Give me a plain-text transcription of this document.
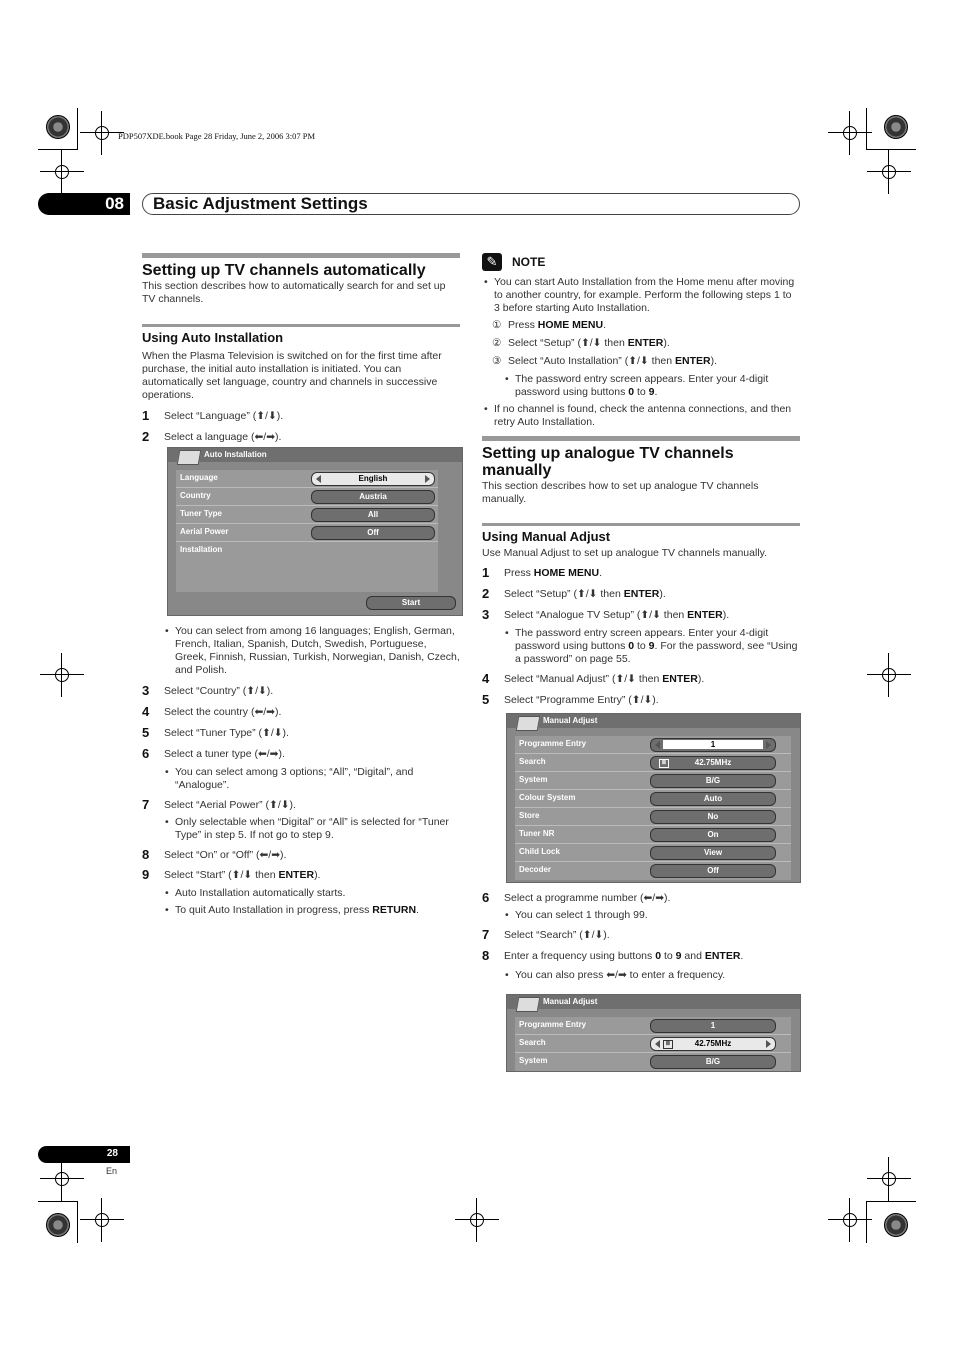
PDP507XDE.book Page 28 Friday, June 2, 2006 3:07 PM
08	Basic Adjustment Settings
Setting up TV channels automatically

This section describes how to automatically search for and set up TV channels.

Using Auto Installation

When the Plasma Television is switched on for the first time after purchase, the initial auto installation is initiated. You can automatically set language, country and channels in successive operations.

1 Select “Language” (⬆/⬇).
2 Select a language (⬅/➡).
Auto Installation
Language	English
Country	Austria
Tuner Type	All
Aerial Power	Off
Installation
Start
• You can select from among 16 languages; English, German, French, Italian, Spanish, Dutch, Swedish, Portuguese, Greek, Finnish, Russian, Turkish, Norwegian, Danish, Czech, and Polish.
3 Select “Country” (⬆/⬇).
4 Select the country (⬅/➡).
5 Select “Tuner Type” (⬆/⬇).
6 Select a tuner type (⬅/➡).
• You can select among 3 options; “All”, “Digital”, and “Analogue”.
7 Select “Aerial Power” (⬆/⬇).
• Only selectable when “Digital” or “All” is selected for “Tuner Type” in step 5. If not go to step 9.
8 Select “On” or “Off” (⬅/➡).
9 Select “Start” (⬆/⬇ then ENTER).
• Auto Installation automatically starts.
• To quit Auto Installation in progress, press RETURN.
✎	NOTE
• You can start Auto Installation from the Home menu after moving to another country, for example. Perform the following steps 1 to 3 before starting Auto Installation.
① Press HOME MENU.
② Select “Setup” (⬆/⬇ then ENTER).
③ Select “Auto Installation” (⬆/⬇ then ENTER).
• The password entry screen appears. Enter your 4-digit password using buttons 0 to 9.
• If no channel is found, check the antenna connections, and then retry Auto Installation.
Setting up analogue TV channels manually

This section describes how to set up analogue TV channels manually.

Using Manual Adjust

Use Manual Adjust to set up analogue TV channels manually.

1 Press HOME MENU.
2 Select “Setup” (⬆/⬇ then ENTER).
3 Select “Analogue TV Setup” (⬆/⬇ then ENTER).
• The password entry screen appears. Enter your 4-digit password using buttons 0 to 9. For the password, see “Using a password” on page 55.
4 Select “Manual Adjust” (⬆/⬇ then ENTER).
5 Select “Programme Entry” (⬆/⬇).
Manual Adjust
Programme Entry	1
Search	Ⅲ	42.75MHz
System	B/G
Colour System	Auto
Store	No
Tuner NR	On
Child Lock	View
Decoder	Off
6 Select a programme number (⬅/➡).
• You can select 1 through 99.
7 Select “Search” (⬆/⬇).
8 Enter a frequency using buttons 0 to 9 and ENTER.
• You can also press ⬅/➡ to enter a frequency.
Manual Adjust
Programme Entry	1
Search	Ⅲ	42.75MHz
System	B/G
28
En
